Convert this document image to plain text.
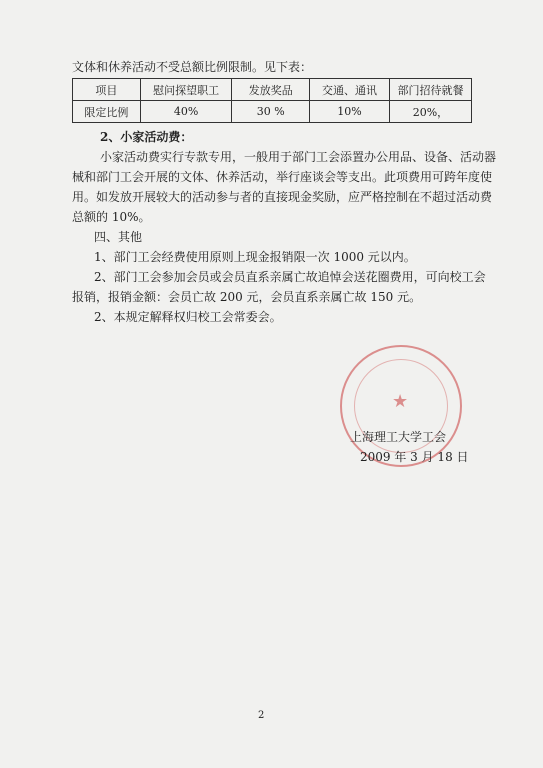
文体和休养活动不受总额比例限制。见下表：
项目	慰问探望职工	发放奖品	交通、通讯	部门招待就餐
限定比例	40%	30 %	10%	20%，
2、小家活动费：
小家活动费实行专款专用，一般用于部门工会添置办公用品、设备、活动器
械和部门工会开展的文体、休养活动，举行座谈会等支出。此项费用可跨年度使
用。如发放开展较大的活动参与者的直接现金奖励，应严格控制在不超过活动费
总额的 10%。
四、其他
1、部门工会经费使用原则上现金报销限一次 1000 元以内。
2、部门工会参加会员或会员直系亲属亡故追悼会送花圈费用，可向校工会
报销，报销金额：会员亡故 200 元，会员直系亲属亡故 150 元。
2、本规定解释权归校工会常委会。
★
上海理工大学工会
2009 年 3 月 18 日
2
